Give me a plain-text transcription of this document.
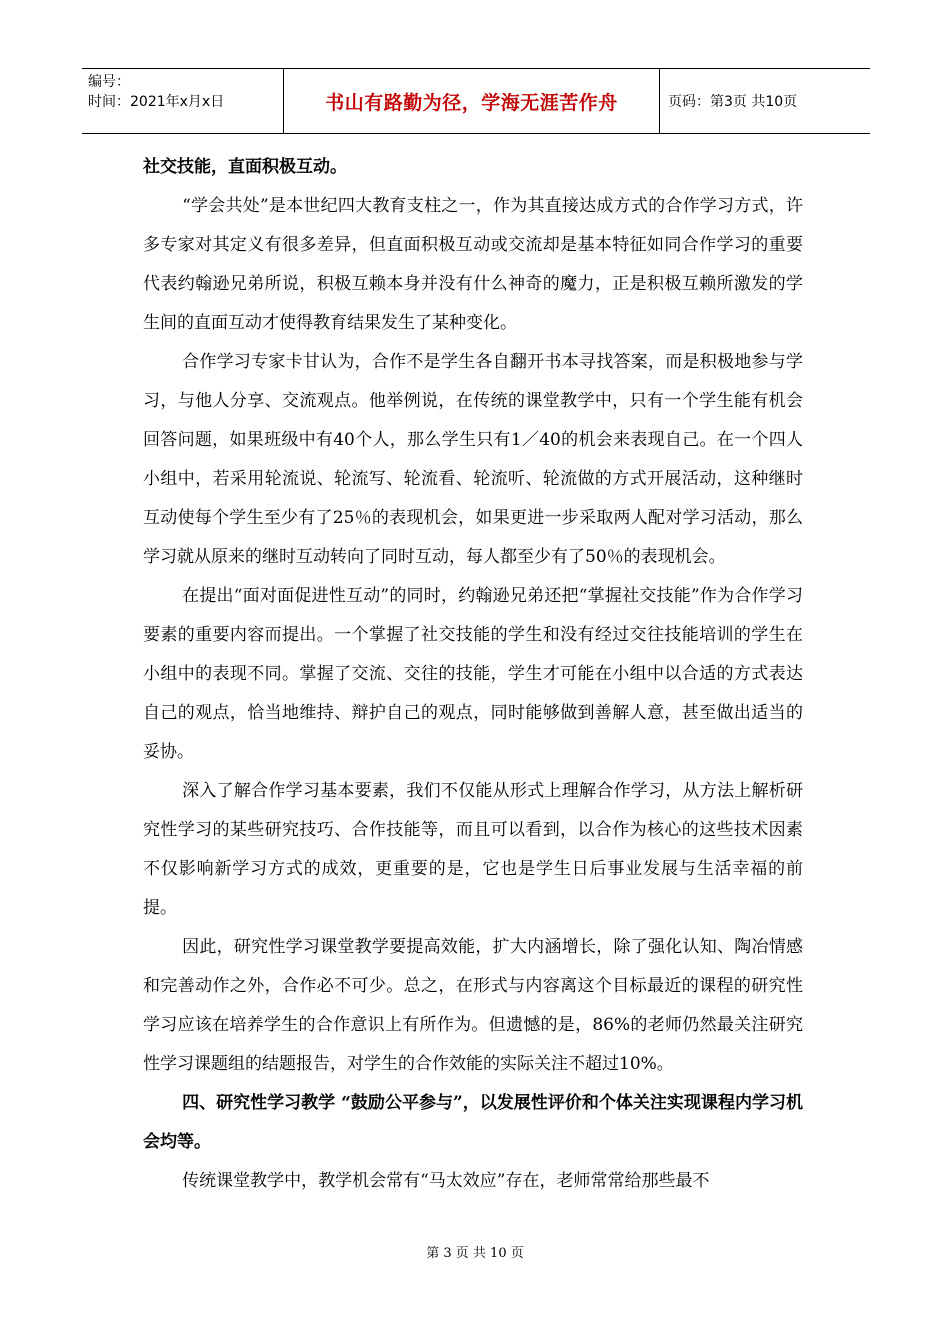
编号：
时间：2021年x月x日	书山有路勤为径，学海无涯苦作舟	页码：第3页 共10页

社交技能，直面积极互动。

“学会共处”是本世纪四大教育支柱之一，作为其直接达成方式的合作学习方式，许多专家对其定义有很多差异，但直面积极互动或交流却是基本特征如同合作学习的重要代表约翰逊兄弟所说，积极互赖本身并没有什么神奇的魔力，正是积极互赖所激发的学生间的直面互动才使得教育结果发生了某种变化。

合作学习专家卡甘认为，合作不是学生各自翻开书本寻找答案，而是积极地参与学习，与他人分享、交流观点。他举例说，在传统的课堂教学中，只有一个学生能有机会回答问题，如果班级中有40个人，那么学生只有1／40的机会来表现自己。在一个四人小组中，若采用轮流说、轮流写、轮流看、轮流听、轮流做的方式开展活动，这种继时互动使每个学生至少有了25％的表现机会，如果更进一步采取两人配对学习活动，那么学习就从原来的继时互动转向了同时互动，每人都至少有了50％的表现机会。

在提出“面对面促进性互动”的同时，约翰逊兄弟还把“掌握社交技能”作为合作学习要素的重要内容而提出。一个掌握了社交技能的学生和没有经过交往技能培训的学生在小组中的表现不同。掌握了交流、交往的技能，学生才可能在小组中以合适的方式表达自己的观点，恰当地维持、辩护自己的观点，同时能够做到善解人意，甚至做出适当的妥协。

深入了解合作学习基本要素，我们不仅能从形式上理解合作学习，从方法上解析研究性学习的某些研究技巧、合作技能等，而且可以看到，以合作为核心的这些技术因素不仅影响新学习方式的成效，更重要的是，它也是学生日后事业发展与生活幸福的前提。

因此，研究性学习课堂教学要提高效能，扩大内涵增长，除了强化认知、陶冶情感和完善动作之外，合作必不可少。总之，在形式与内容离这个目标最近的课程的研究性学习应该在培养学生的合作意识上有所作为。但遗憾的是，86%的老师仍然最关注研究性学习课题组的结题报告，对学生的合作效能的实际关注不超过10%。

四、研究性学习教学 “鼓励公平参与”，以发展性评价和个体关注实现课程内学习机会均等。

传统课堂教学中，教学机会常有“马太效应”存在，老师常常给那些最不

第 3 页 共 10 页
